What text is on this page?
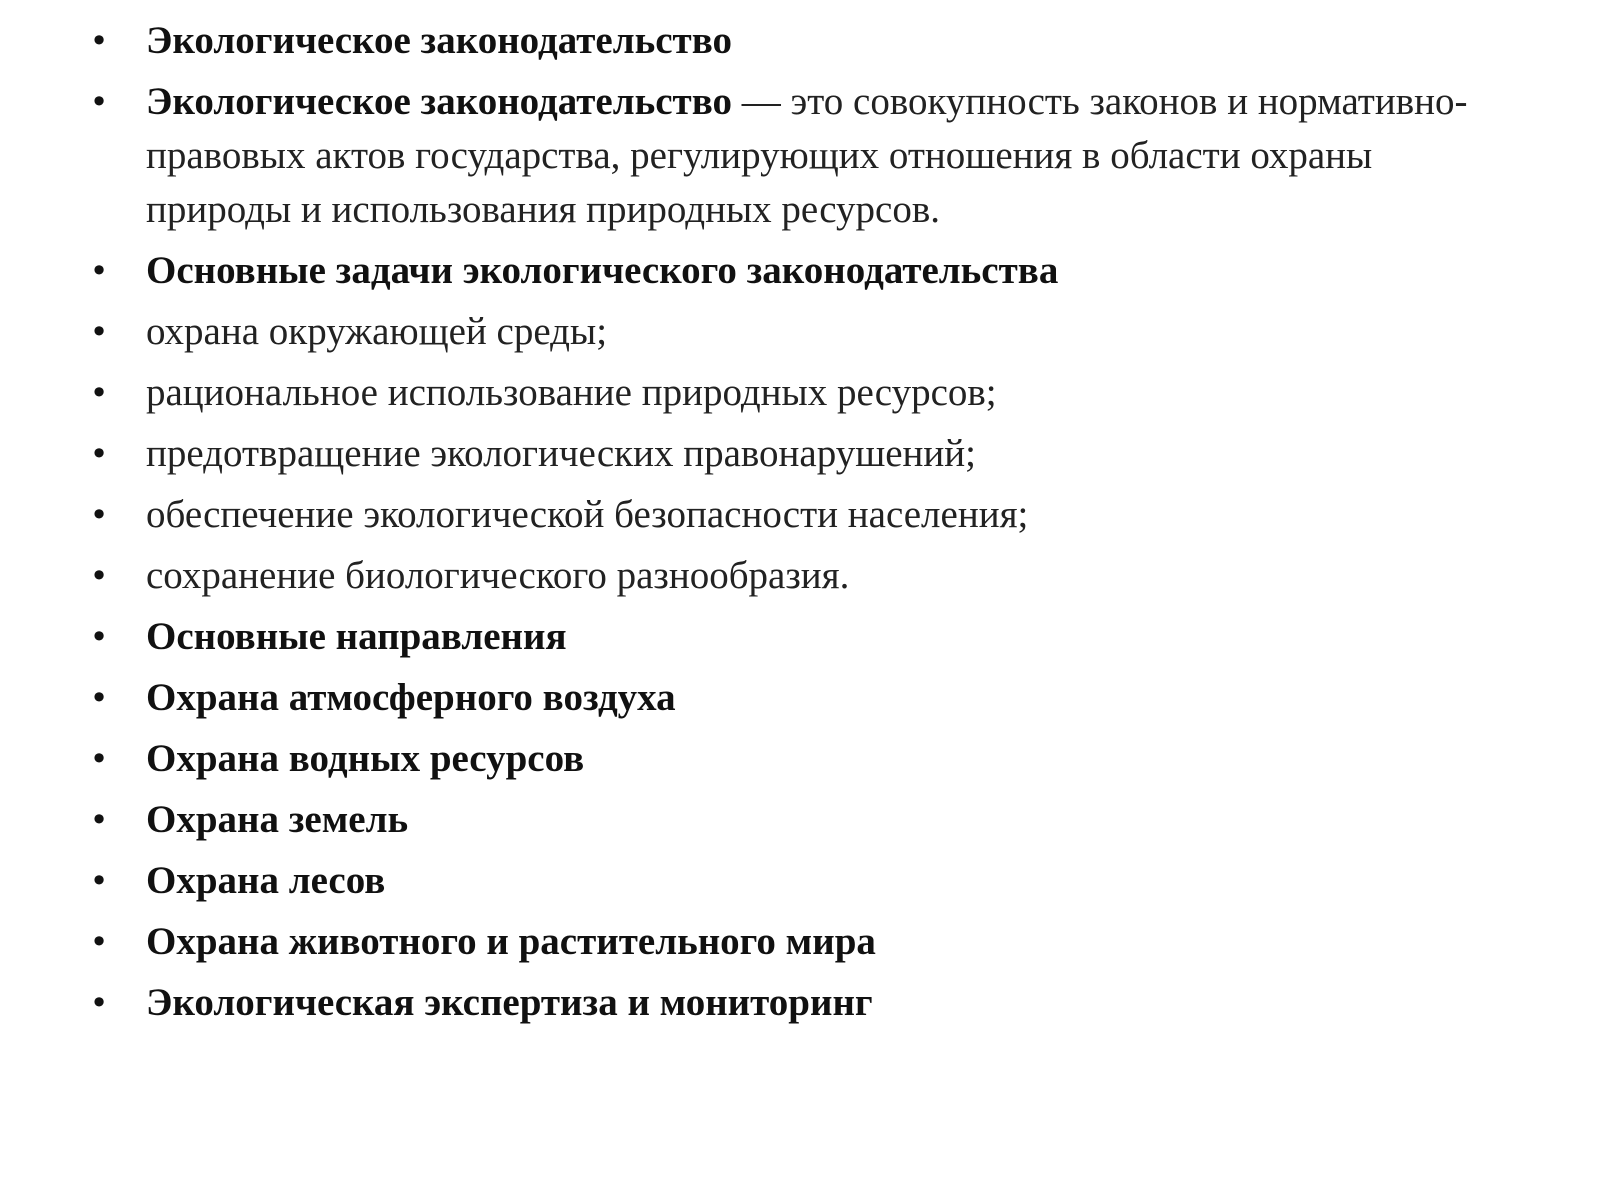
• Экологическое законодательство
• Экологическое законодательство — это совокупность законов и нормативно-правовых актов государства, регулирующих отношения в области охраны природы и использования природных ресурсов.
• Основные задачи экологического законодательства
• охрана окружающей среды;
• рациональное использование природных ресурсов;
• предотвращение экологических правонарушений;
• обеспечение экологической безопасности населения;
• сохранение биологического разнообразия.
• Основные направления
• Охрана атмосферного воздуха
• Охрана водных ресурсов
• Охрана земель
• Охрана лесов
• Охрана животного и растительного мира
• Экологическая экспертиза и мониторинг
